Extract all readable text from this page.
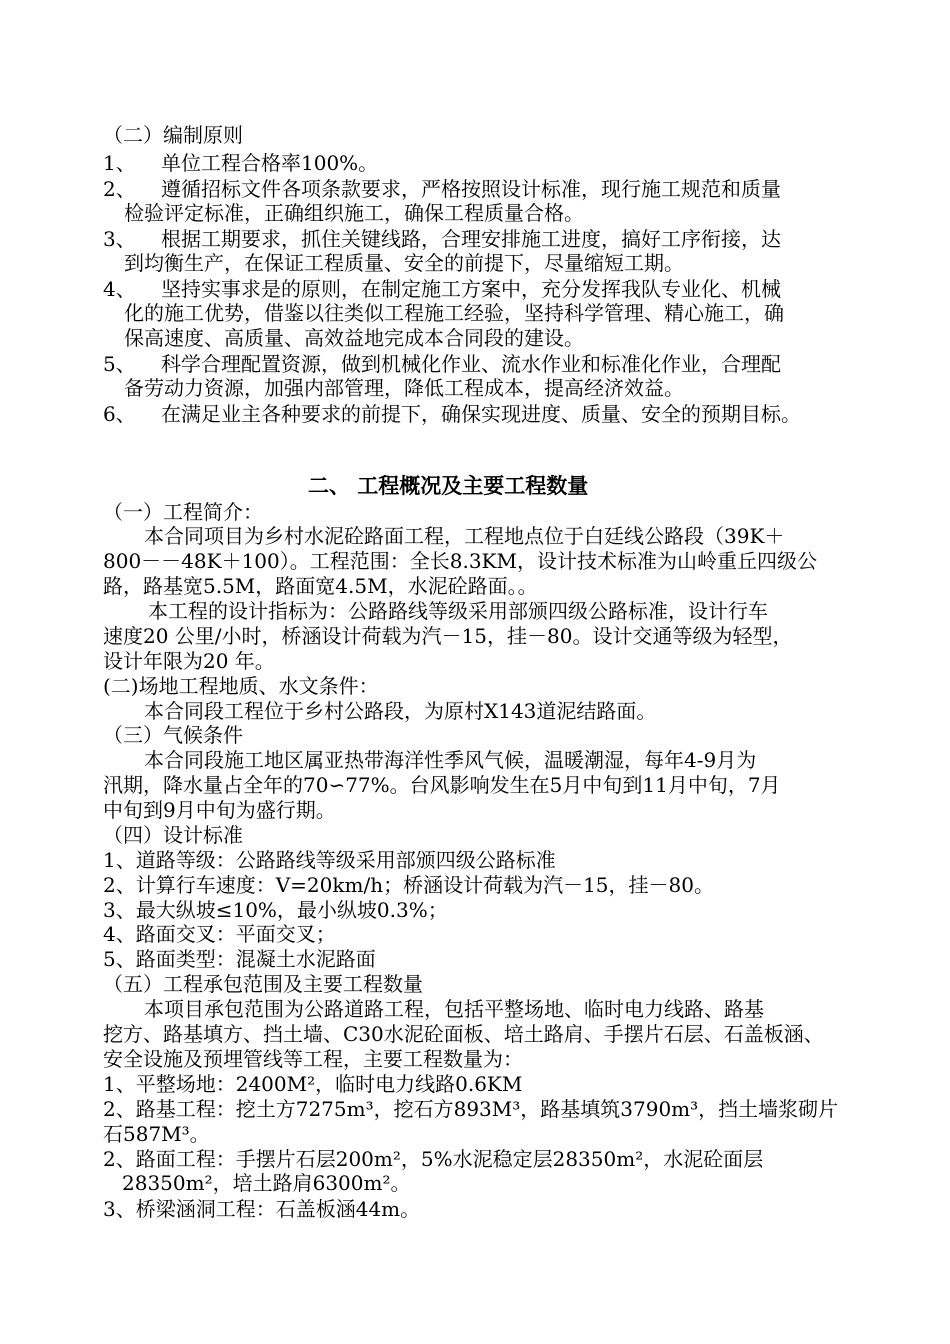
（二）编制原则
1、 单位工程合格率100%。
2、 遵循招标文件各项条款要求，严格按照设计标准，现行施工规范和质量
检验评定标准，正确组织施工，确保工程质量合格。
3、 根据工期要求，抓住关键线路，合理安排施工进度，搞好工序衔接，达
到均衡生产，在保证工程质量、安全的前提下，尽量缩短工期。
4、 坚持实事求是的原则，在制定施工方案中，充分发挥我队专业化、机械
化的施工优势，借鉴以往类似工程施工经验，坚持科学管理、精心施工，确
保高速度、高质量、高效益地完成本合同段的建设。
5、 科学合理配置资源，做到机械化作业、流水作业和标准化作业，合理配
备劳动力资源，加强内部管理，降低工程成本，提高经济效益。
6、 在满足业主各种要求的前提下，确保实现进度、质量、安全的预期目标。
二、 工程概况及主要工程数量
（一）工程简介：
本合同项目为乡村水泥砼路面工程，工程地点位于白廷线公路段（39K＋
800－－48K＋100）。工程范围：全长8.3KM，设计技术标准为山岭重丘四级公
路，路基宽5.5M，路面宽4.5M，水泥砼路面。。
本工程的设计指标为：公路路线等级采用部颁四级公路标准，设计行车
速度20 公里/小时，桥涵设计荷载为汽－15，挂－80。设计交通等级为轻型，
设计年限为20 年。
(二)场地工程地质、水文条件：
本合同段工程位于乡村公路段，为原村X143道泥结路面。
（三）气候条件
本合同段施工地区属亚热带海洋性季风气候，温暖潮湿，每年4-9月为
汛期，降水量占全年的70∽77%。台风影响发生在5月中旬到11月中旬，7月
中旬到9月中旬为盛行期。
（四）设计标准
1、道路等级：公路路线等级采用部颁四级公路标准
2、计算行车速度：V=20km/h；桥涵设计荷载为汽－15，挂－80。
3、最大纵坡≤10%，最小纵坡0.3%；
4、路面交叉：平面交叉；
5、路面类型：混凝土水泥路面
（五）工程承包范围及主要工程数量
本项目承包范围为公路道路工程，包括平整场地、临时电力线路、路基
挖方、路基填方、挡土墙、C30水泥砼面板、培土路肩、手摆片石层、石盖板涵、
安全设施及预埋管线等工程，主要工程数量为：
1、平整场地：2400M²，临时电力线路0.6KM
2、路基工程：挖土方7275m³，挖石方893M³，路基填筑3790m³，挡土墙浆砌片
石587M³。
2、路面工程：手摆片石层200m²，5%水泥稳定层28350m²，水泥砼面层
28350m²，培土路肩6300m²。
3、桥梁涵洞工程：石盖板涵44m。
